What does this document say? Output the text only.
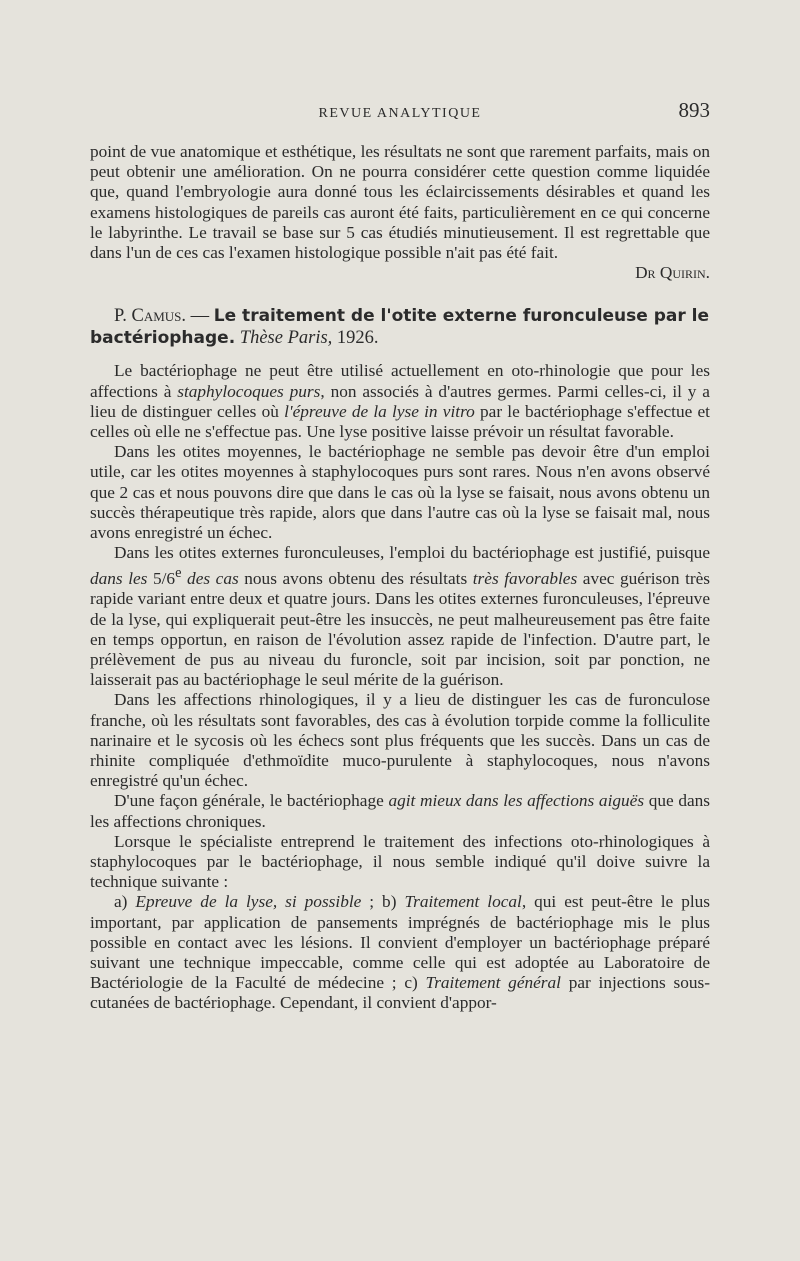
REVUE ANALYTIQUE	893

point de vue anatomique et esthétique, les résultats ne sont que rarement parfaits, mais on peut obtenir une amélioration. On ne pourra considérer cette question comme liquidée que, quand l'embryologie aura donné tous les éclaircissements désirables et quand les examens histologiques de pareils cas auront été faits, particulièrement en ce qui concerne le labyrinthe. Le travail se base sur 5 cas étudiés minutieusement. Il est regrettable que dans l'un de ces cas l'examen histologique possible n'ait pas été fait.

Dr Quirin.

P. Camus. — Le traitement de l'otite externe furonculeuse par le bactériophage. Thèse Paris, 1926.

Le bactériophage ne peut être utilisé actuellement en oto-rhinologie que pour les affections à staphylocoques purs, non associés à d'autres germes. Parmi celles-ci, il y a lieu de distinguer celles où l'épreuve de la lyse in vitro par le bactériophage s'effectue et celles où elle ne s'effectue pas. Une lyse positive laisse prévoir un résultat favorable.

Dans les otites moyennes, le bactériophage ne semble pas devoir être d'un emploi utile, car les otites moyennes à staphylocoques purs sont rares. Nous n'en avons observé que 2 cas et nous pouvons dire que dans le cas où la lyse se faisait, nous avons obtenu un succès thérapeutique très rapide, alors que dans l'autre cas où la lyse se faisait mal, nous avons enregistré un échec.

Dans les otites externes furonculeuses, l'emploi du bactériophage est justifié, puisque dans les 5/6e des cas nous avons obtenu des résultats très favorables avec guérison très rapide variant entre deux et quatre jours. Dans les otites externes furonculeuses, l'épreuve de la lyse, qui expliquerait peut-être les insuccès, ne peut malheureusement pas être faite en temps opportun, en raison de l'évolution assez rapide de l'infection. D'autre part, le prélèvement de pus au niveau du furoncle, soit par incision, soit par ponction, ne laisserait pas au bactériophage le seul mérite de la guérison.

Dans les affections rhinologiques, il y a lieu de distinguer les cas de furonculose franche, où les résultats sont favorables, des cas à évolution torpide comme la folliculite narinaire et le sycosis où les échecs sont plus fréquents que les succès. Dans un cas de rhinite compliquée d'ethmoïdite muco-purulente à staphylocoques, nous n'avons enregistré qu'un échec.

D'une façon générale, le bactériophage agit mieux dans les affections aiguës que dans les affections chroniques.

Lorsque le spécialiste entreprend le traitement des infections oto-rhinologiques à staphylocoques par le bactériophage, il nous semble indiqué qu'il doive suivre la technique suivante :

a) Epreuve de la lyse, si possible ; b) Traitement local, qui est peut-être le plus important, par application de pansements imprégnés de bactériophage mis le plus possible en contact avec les lésions. Il convient d'employer un bactériophage préparé suivant une technique impeccable, comme celle qui est adoptée au Laboratoire de Bactériologie de la Faculté de médecine ; c) Traitement général par injections sous-cutanées de bactériophage. Cependant, il convient d'appor-
